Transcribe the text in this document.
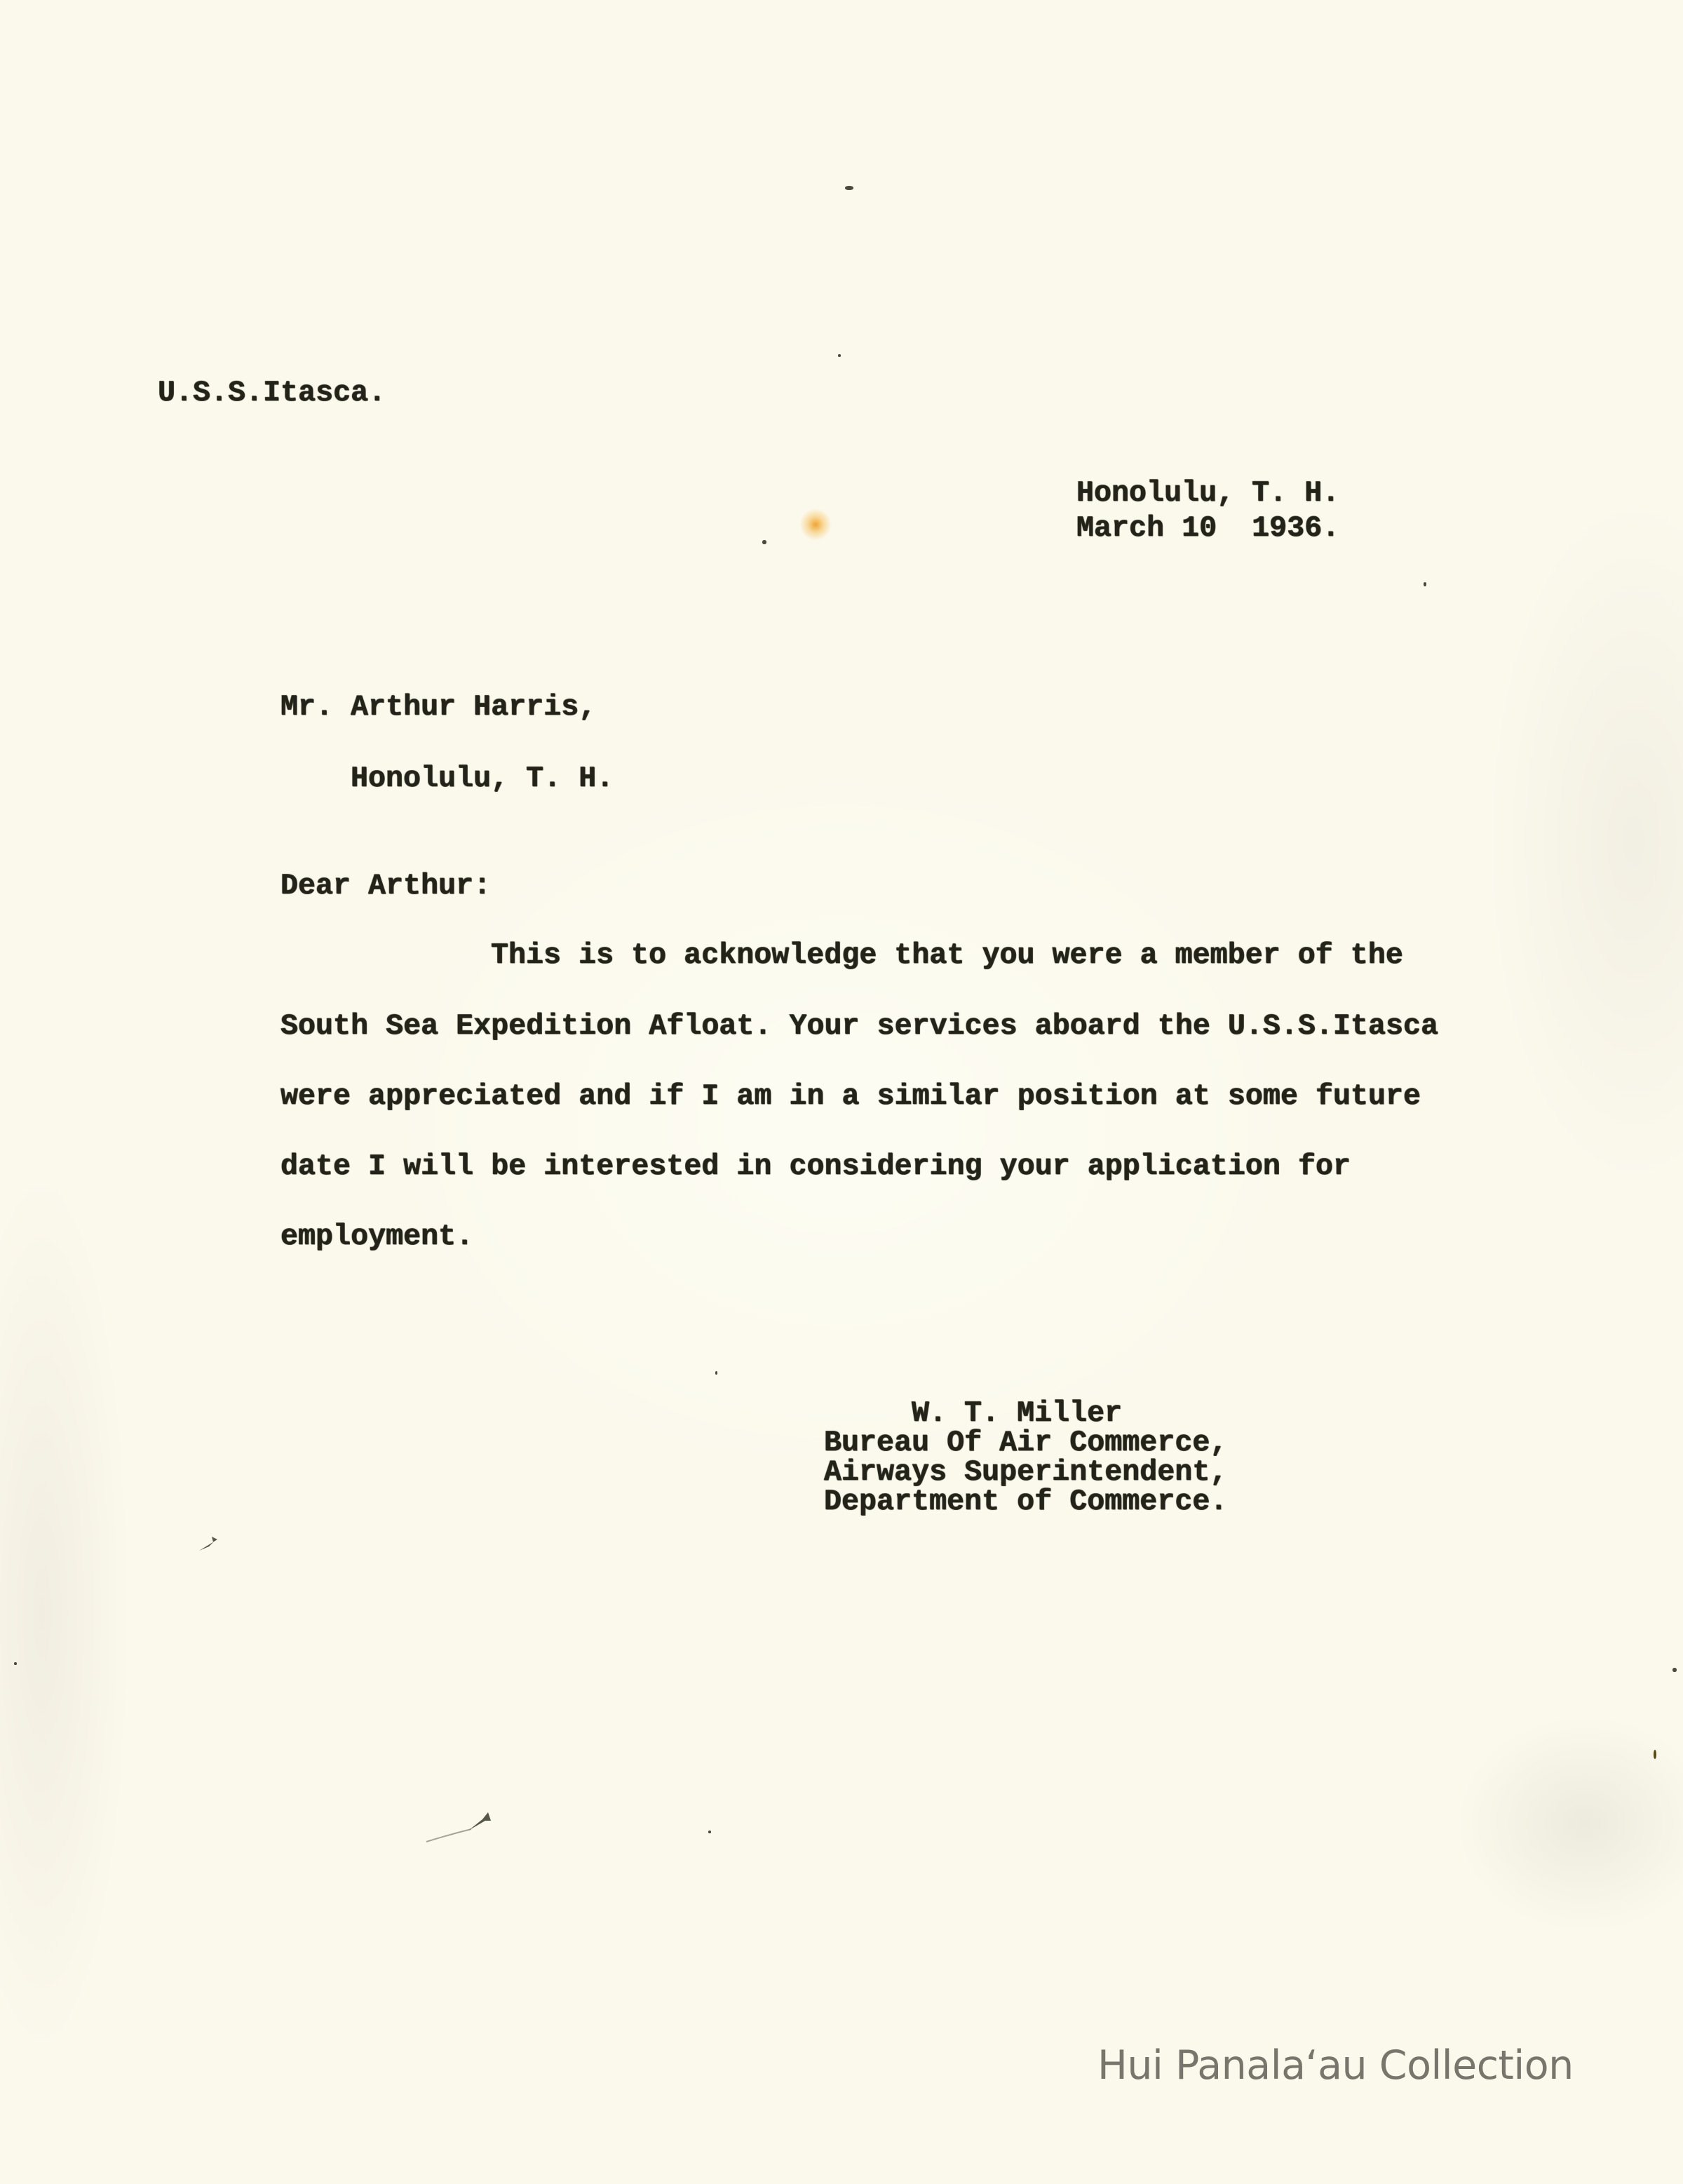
U.S.S.Itasca.
Honolulu, T. H.
March 10  1936.
Mr. Arthur Harris,
Honolulu, T. H.
Dear Arthur:
This is to acknowledge that you were a member of the
South Sea Expedition Afloat. Your services aboard the U.S.S.Itasca
were appreciated and if I am in a similar position at some future
date I will be interested in considering your application for
employment.
W. T. Miller
Bureau Of Air Commerce,
Airways Superintendent,
Department of Commerce.
Hui Panala‘au Collection
